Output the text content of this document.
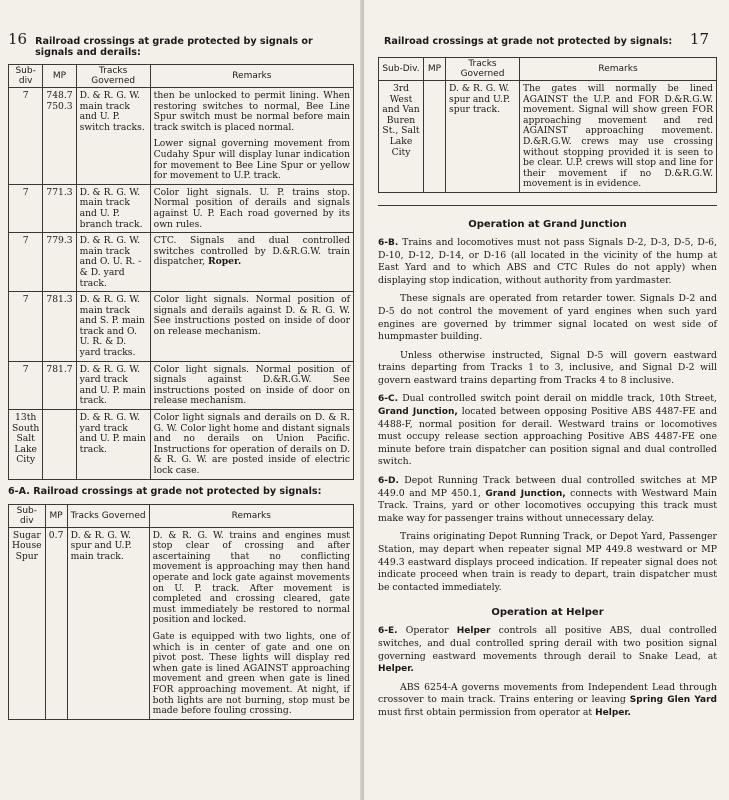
16 Railroad crossings at grade protected by signals or signals and derails:
Sub-div	MP	Tracks Governed	Remarks
7	748.7 750.3	D. & R. G. W. main track and U. P. switch tracks.	then be unlocked to permit lining. When restoring switches to normal, Bee Line Spur switch must be normal before main track switch is placed normal.

Lower signal governing movement from Cudahy Spur will display lunar indication for movement to Bee Line Spur or yellow for movement to U.P. track.

7	771.3	D. & R. G. W. main track and U. P. branch track.	Color light signals. U. P. trains stop. Normal position of derails and signals against U. P. Each road governed by its own rules.

7	779.3	D. & R. G. W. main track and O. U. R. - & D. yard track.	CTC. Signals and dual controlled switches controlled by D.&R.G.W. train dispatcher, Roper.

7	781.3	D. & R. G. W. main track and S. P. main track and O. U. R. & D. yard tracks.	Color light signals. Normal position of signals and derails against D. & R. G. W. See instructions posted on inside of door on release mechanism.

7	781.7	D. & R. G. W. yard track and U. P. main track.	Color light signals. Normal position of signals against D.&R.G.W. See instructions posted on inside of door on release mechanism.

13th South Salt Lake City		D. & R. G. W. yard track and U. P. main track.	Color light signals and derails on D. & R. G. W. Color light home and distant signals and no derails on Union Pacific. Instructions for operation of derails on D. & R. G. W. are posted inside of electric lock case.

6-A. Railroad crossings at grade not protected by signals:
Sub-div	MP	Tracks Governed	Remarks
Sugar House Spur	0.7	D. & R. G. W. spur and U.P. main track.	D. & R. G. W. trains and engines must stop clear of crossing and after ascertaining that no conflicting movement is approaching may then hand operate and lock gate against movements on U. P. track. After movement is completed and crossing cleared, gate must immediately be restored to normal position and locked.

Gate is equipped with two lights, one of which is in center of gate and one on pivot post. These lights will display red when gate is lined AGAINST approaching movement and green when gate is lined FOR approaching movement. At night, if both lights are not burning, stop must be made before fouling crossing.

Railroad crossings at grade not protected by signals: 17
Sub-Div.	MP	Tracks Governed	Remarks
3rd West and Van Buren St., Salt Lake City		D. & R. G. W. spur and U.P. spur track.	The gates will normally be lined AGAINST the U.P. and FOR D.&R.G.W. movement. Signal will show green FOR approaching movement and red AGAINST approaching movement. D.&R.G.W. crews may use crossing without stopping provided it is seen to be clear. U.P. crews will stop and line for their movement if no D.&R.G.W. movement is in evidence.

Operation at Grand Junction

6-B. Trains and locomotives must not pass Signals D-2, D-3, D-5, D-6, D-10, D-12, D-14, or D-16 (all located in the vicinity of the hump at East Yard and to which ABS and CTC Rules do not apply) when displaying stop indication, without authority from yardmaster.

These signals are operated from retarder tower. Signals D-2 and D-5 do not control the movement of yard engines when such yard engines are governed by trimmer signal located on west side of humpmaster building.

Unless otherwise instructed, Signal D-5 will govern eastward trains departing from Tracks 1 to 3, inclusive, and Signal D-2 will govern eastward trains departing from Tracks 4 to 8 inclusive.

6-C. Dual controlled switch point derail on middle track, 10th Street, Grand Junction, located between opposing Positive ABS 4487-FE and 4488-F, normal position for derail. Westward trains or locomotives must occupy release section approaching Positive ABS 4487-FE one minute before train dispatcher can position signal and dual controlled switch.

6-D. Depot Running Track between dual controlled switches at MP 449.0 and MP 450.1, Grand Junction, connects with Westward Main Track. Trains, yard or other locomotives occupying this track must make way for passenger trains without unnecessary delay.

Trains originating Depot Running Track, or Depot Yard, Passenger Station, may depart when repeater signal MP 449.8 westward or MP 449.3 eastward displays proceed indication. If repeater signal does not indicate proceed when train is ready to depart, train dispatcher must be contacted immediately.

Operation at Helper

6-E. Operator Helper controls all positive ABS, dual controlled switches, and dual controlled spring derail with two position signal governing eastward movements through derail to Snake Lead, at Helper.

ABS 6254-A governs movements from Independent Lead through crossover to main track. Trains entering or leaving Spring Glen Yard must first obtain permission from operator at Helper.
